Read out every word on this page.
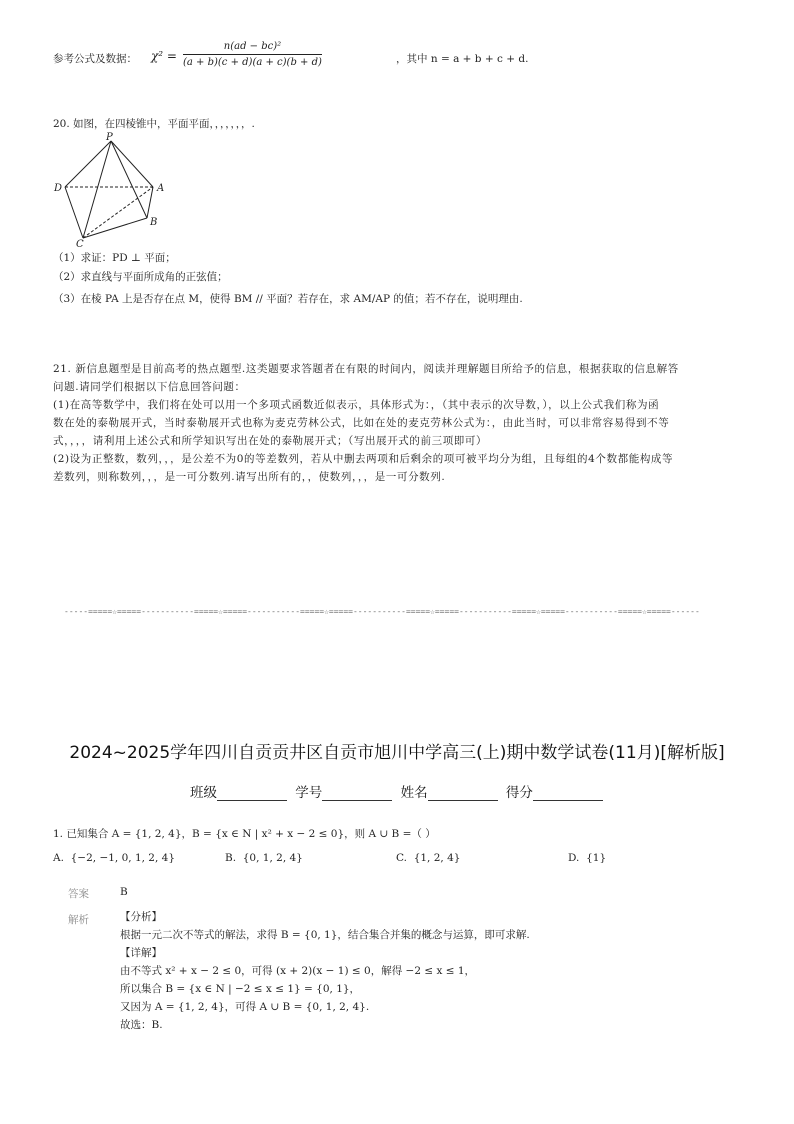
参考公式及数据： $\chi^2 = \frac{\text{n(ad − bc)²}}{(a + b)(c + d)(a + c)(b + d)}$	，其中 n = a + b + c + d.
20. 如图，在四棱锥中，平面平面，，，，，，，.
P
D	A
B
C
（1）求证：PD ⊥ 平面；
（2）求直线与平面所成角的正弦值；
（3）在棱 PA 上是否存在点 M，使得 BM // 平面？若存在，求 AM/AP 的值；若不存在，说明理由.
21. 新信息题型是目前高考的热点题型.这类题要求答题者在有限的时间内，阅读并理解题目所给予的信息，根据获取的信息解答
问题.请同学们根据以下信息回答问题：
(1)在高等数学中，我们将在处可以用一个多项式函数近似表示，具体形式为：，（其中表示的次导数，），以上公式我们称为函
数在处的泰勒展开式，当时泰勒展开式也称为麦克劳林公式，比如在处的麦克劳林公式为：，由此当时，可以非常容易得到不等
式，，，，请利用上述公式和所学知识写出在处的泰勒展开式；（写出展开式的前三项即可）
(2)设为正整数，数列，，，是公差不为0的等差数列，若从中删去两项和后剩余的项可被平均分为组，且每组的4个数都能构成等
差数列，则称数列，，，是一可分数列.请写出所有的，，使数列，，，是一可分数列.
-----=====☆=====-----------=====☆=====-----------=====☆=====-----------=====☆=====-----------=====☆=====-----------=====☆=====------
2024~2025学年四川自贡贡井区自贡市旭川中学高三(上)期中数学试卷(11月)[解析版]
班级	学号	姓名	得分
1. 已知集合 A = {1, 2, 4}，B = {x ∈ N | x² + x − 2 ≤ 0}，则 A ∪ B =（ ）
A. {−2, −1, 0, 1, 2, 4}	B. {0, 1, 2, 4}	C. {1, 2, 4}	D. {1}
答案	B
解析	【分析】
根据一元二次不等式的解法，求得 B = {0, 1}，结合集合并集的概念与运算，即可求解.
【详解】
由不等式 x² + x − 2 ≤ 0，可得 (x + 2)(x − 1) ≤ 0，解得 −2 ≤ x ≤ 1，
所以集合 B = {x ∈ N | −2 ≤ x ≤ 1} = {0, 1}，
又因为 A = {1, 2, 4}，可得 A ∪ B = {0, 1, 2, 4}.
故选：B.
